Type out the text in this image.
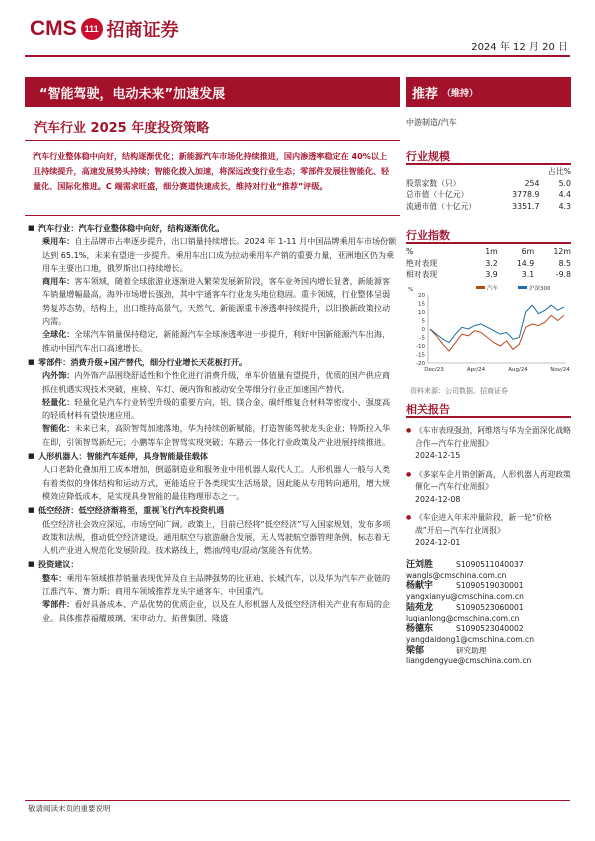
CMS 111 招商证券
2024 年 12 月 20 日
“智能驾驶，电动未来”加速发展	推荐 （维持）
汽车行业 2025 年度投资策略
汽车行业整体稳中向好，结构逐渐优化；新能源汽车市场化持续推进，国内渗透率稳定在 40%以上且持续提升，高速发展势头持续；智能化拨入加速，将深远改变行业生态；零部件发展往智能化、轻量化、国际化推进。C 端需求旺盛，细分赛道快速成长，维持对行业“推荐”评级。
■ 汽车行业：汽车行业整体稳中向好，结构逐渐优化。
乘用车：自主品牌市占率逐步提升，出口销量持续增长。2024 年 1-11 月中国品牌乘用车市场份额达到 65.1%，未来有望进一步提升。乘用车出口成为拉动乘用车产销的重要力量，亚洲地区仍为乘用车主要出口地，俄罗斯出口持续增长。
商用车：客车领域，随着全球旅游业逐渐进入繁荣发展新阶段，客车业务国内增长显著，新能源客车销量增幅最高，海外市场增长强劲，其中宇通客车行业龙头地位稳固。重卡领域，行业整体呈弱势复苏态势，结构上，出口维持高景气，天然气、新能源重卡渗透率持续提升，以旧换新政策拉动内需。
全球化：全球汽车销量保持稳定，新能源汽车全球渗透率进一步提升，利好中国新能源汽车出海，推动中国汽车出口高速增长。
■ 零部件：消费升级+国产替代，细分行业增长天花板打开。
内外饰：内外饰产品围绕舒适性和个性化进行消费升级，单车价值量有望提升，优质的国产供应商抓住机遇实现技术突破，座椅、车灯、硬内饰和被动安全等细分行业正加速国产替代。
轻量化：轻量化是汽车行业转型升级的重要方向，铝、镁合金、碳纤维复合材料等密度小、强度高的轻质材料有望快速应用。
智能化：未来已来，高阶智驾加速落地，华为持续创新赋能，打造智能驾驶龙头企业；特斯拉入华在即，引领智驾新纪元；小鹏等车企智驾实现突破；车路云一体化行业政策及产业进展持续推进。
■ 人形机器人：智能汽车延伸，具身智能最佳载体
人口老龄化叠加用工成本增加，倒逼制造业和服务业中用机器人取代人工。人形机器人一般与人类有着类似的身体结构和运动方式，更能适应于各类现实生活场景，因此能从专用转向通用，增大规模效应降低成本，是实现具身智能的最佳物理形态之一。
■ 低空经济：低空经济渐将至，重视飞行汽车投资机遇
低空经济社会效应深远，市场空间广阔。政策上，目前已经将“低空经济”写入国家规划，发布多项政策和法规，推动低空经济建设。通用航空与旅游融合发展，无人驾驶航空器管理条例，标志着无人机产业进入规范化发展阶段。技术路线上，燃油/纯电/混动/氢能各有优势。
■ 投资建议：
整车：乘用车领域推荐销量表现优异及自主品牌强势的比亚迪、长城汽车，以及华为汽车产业链的江淮汽车、赛力斯；商用车领域推荐龙头宇通客车、中国重汽。
零部件：看好具备成本、产品优势的优质企业，以及在人形机器人及低空经济相关产业有布局的企业。具体推荐福耀玻璃、宋申动力、拓普集团、隆盛
敬请阅读末页的重要说明
中游制造/汽车
行业规模
		占比%
股票家数（只）	254	5.0
总市值（十亿元）	3778.9	4.4
流通市值（十亿元）	3351.7	4.3
行业指数
%	1m	6m	12m
绝对表现	3.2	14.9	8.5
相对表现	3.9	3.1	-9.8
20
15
10
5
0
-5
-10
-15
-20
Dec/23	Apr/24	Aug/24	Nov/24
汽车	沪深300
%
资料来源：公司数据、招商证券
相关报告
● 《车市表现强劲，阿维塔与华为全面深化战略合作—汽车行业周报》
2024-12-15
● 《多家车企月销创新高，人形机器人再迎政策催化—汽车行业周报》
2024-12-08
● 《车企进入年末冲量阶段，新一轮“价格战”开启—汽车行业周报》
2024-12-01
汪刘胜	S1090511040037
wangls@cmschina.com.cn
杨献宇	S1090519030001
yangxianyu@cmschina.com.cn
陆苑龙	S1090523060001
luqianlong@cmschina.com.cn
杨德东	S1090523040002
yangdaidong1@cmschina.com.cn
梁郁	研究助理
liangdengyue@cmschina.com.cn
